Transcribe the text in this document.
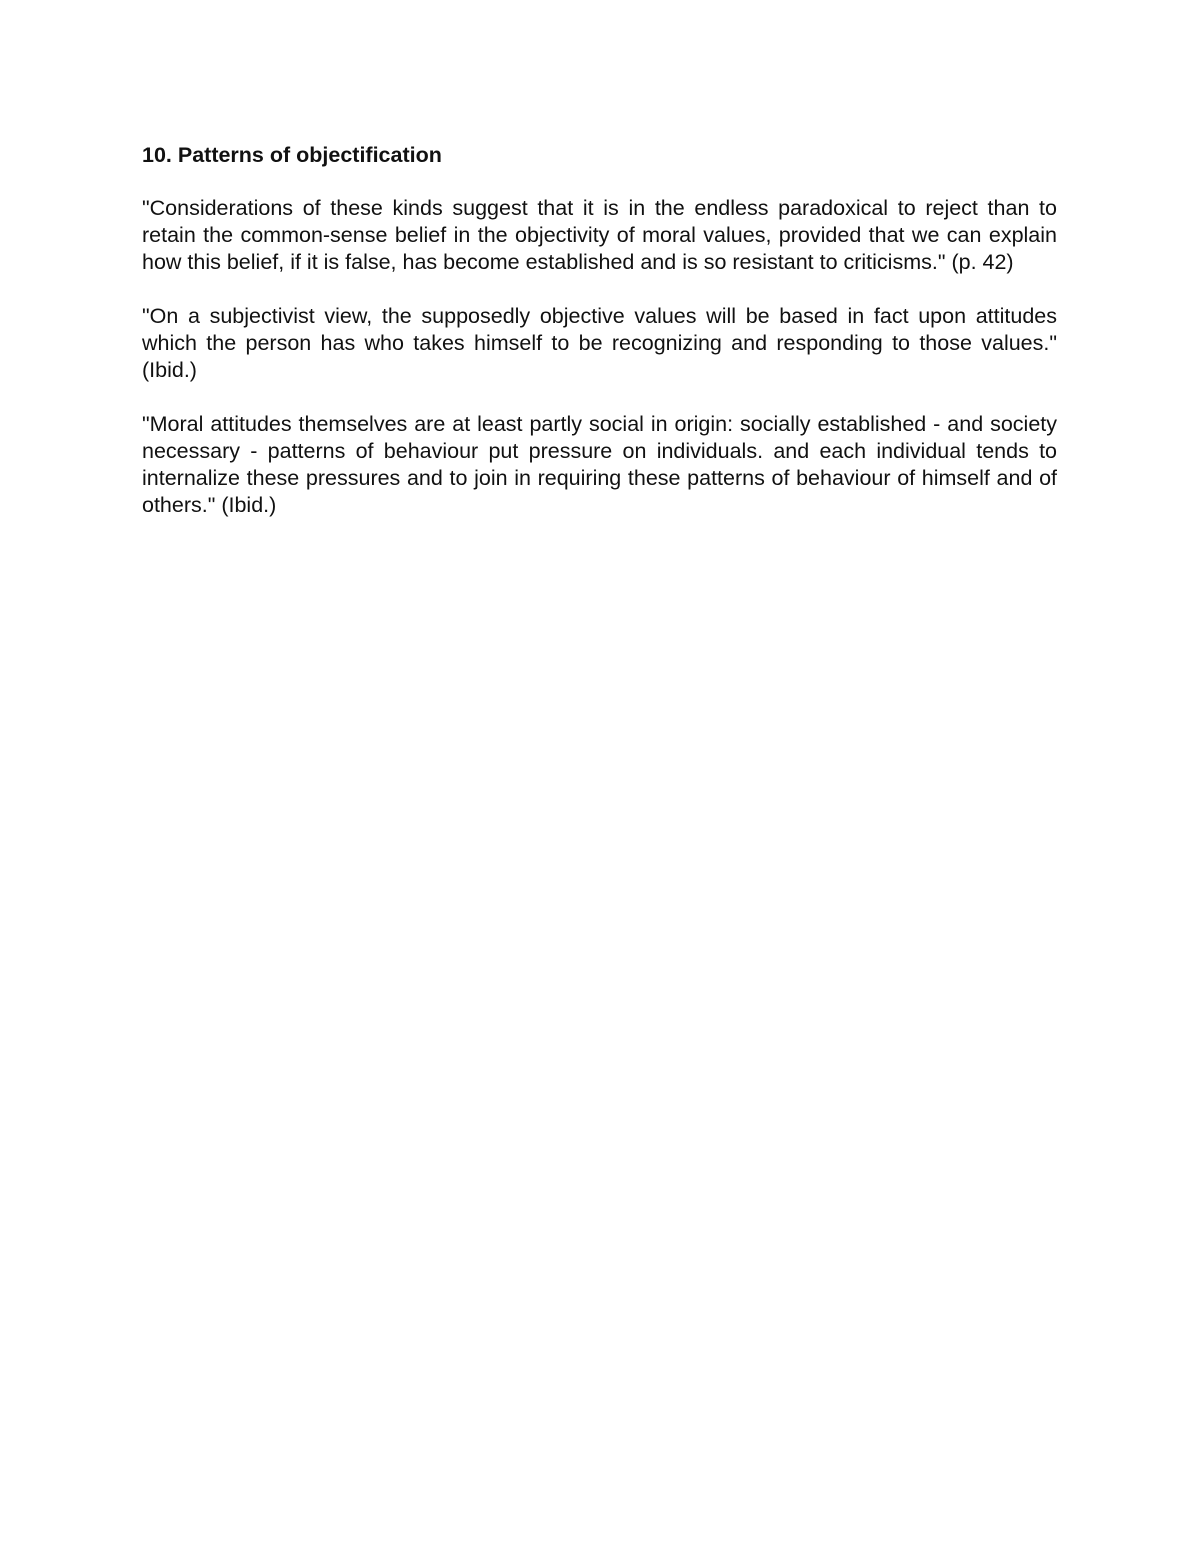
10. Patterns of objectification

"Considerations of these kinds suggest that it is in the endless paradoxical to reject than to retain the common-sense belief in the objectivity of moral values, provided that we can explain how this belief, if it is false, has become established and is so resistant to criticisms." (p. 42)

"On a subjectivist view, the supposedly objective values will be based in fact upon attitudes which the person has who takes himself to be recognizing and responding to those values." (Ibid.)

"Moral attitudes themselves are at least partly social in origin: socially established - and society necessary - patterns of behaviour put pressure on individuals. and each individual tends to internalize these pressures and to join in requiring these patterns of behaviour of himself and of others." (Ibid.)
